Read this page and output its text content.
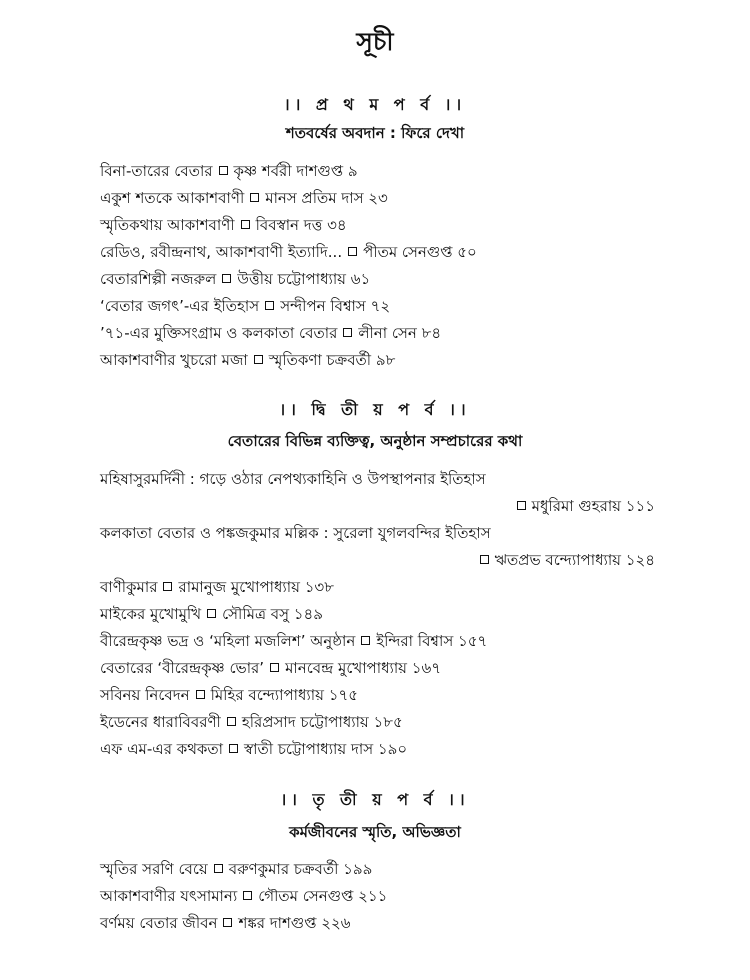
সূচী
।। প্র থ ম প র্ব ।।
শতবর্ষের অবদান : ফিরে দেখা
বিনা-তারের বেতার কৃষ্ণ শর্বরী দাশগুপ্ত ৯
একুশ শতকে আকাশবাণী মানস প্রতিম দাস ২৩
স্মৃতিকথায় আকাশবাণী বিবস্বান দত্ত ৩৪
রেডিও, রবীন্দ্রনাথ, আকাশবাণী ইত্যাদি... পীতম সেনগুপ্ত ৫০
বেতারশিল্পী নজরুল উত্তীয় চট্টোপাধ্যায় ৬১
‘বেতার জগৎ’-এর ইতিহাস সন্দীপন বিশ্বাস ৭২
’৭১-এর মুক্তিসংগ্রাম ও কলকাতা বেতার লীনা সেন ৮৪
আকাশবাণীর খুচরো মজা স্মৃতিকণা চক্রবর্তী ৯৮
।। দ্বি তী য় প র্ব ।।
বেতারের বিভিন্ন ব্যক্তিত্ব, অনুষ্ঠান সম্প্রচারের কথা
মহিষাসুরমর্দিনী : গড়ে ওঠার নেপথ্যকাহিনি ও উপস্থাপনার ইতিহাস
মধুরিমা গুহরায় ১১১
কলকাতা বেতার ও পঙ্কজকুমার মল্লিক : সুরেলা যুগলবন্দির ইতিহাস
ঋতপ্রভ বন্দ্যোপাধ্যায় ১২৪
বাণীকুমার রামানুজ মুখোপাধ্যায় ১৩৮
মাইকের মুখোমুখি সৌমিত্র বসু ১৪৯
বীরেন্দ্রকৃষ্ণ ভদ্র ও ‘মহিলা মজলিশ’ অনুষ্ঠান ইন্দিরা বিশ্বাস ১৫৭
বেতারের ‘বীরেন্দ্রকৃষ্ণ ভোর’ মানবেন্দ্র মুখোপাধ্যায় ১৬৭
সবিনয় নিবেদন মিহির বন্দ্যোপাধ্যায় ১৭৫
ইডেনের ধারাবিবরণী হরিপ্রসাদ চট্টোপাধ্যায় ১৮৫
এফ এম-এর কথকতা স্বাতী চট্টোপাধ্যায় দাস ১৯০
।। তৃ তী য় প র্ব ।।
কর্মজীবনের স্মৃতি, অভিজ্ঞতা
স্মৃতির সরণি বেয়ে বরুণকুমার চক্রবর্তী ১৯৯
আকাশবাণীর যৎসামান্য গৌতম সেনগুপ্ত ২১১
বর্ণময় বেতার জীবন শঙ্কর দাশগুপ্ত ২২৬
